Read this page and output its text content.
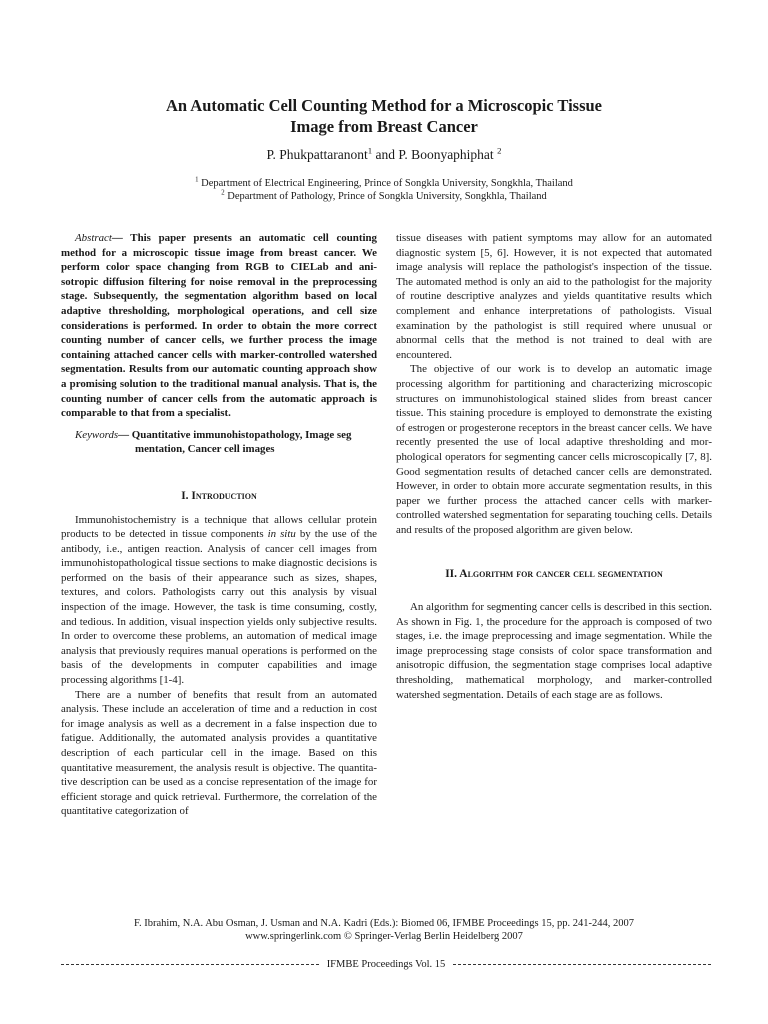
An Automatic Cell Counting Method for a Microscopic Tissue
Image from Breast Cancer
P. Phukpattaranont$^1$ and P. Boonyaphiphat $^2$
$^1$ Department of Electrical Engineering, Prince of Songkla University, Songkhla, Thailand
$^2$ Department of Pathology, Prince of Songkla University, Songkhla, Thailand

Abstract— This paper presents an automatic cell counting method for a microscopic tissue image from breast cancer. We perform color space changing from RGB to CIELab and anisotropic diffusion filtering for noise removal in the preprocessing stage. Subsequently, the segmentation algorithm based on local adaptive thresholding, morphological operations, and cell size considerations is performed. In order to obtain the more correct counting number of cancer cells, we further process the image containing attached cancer cells with marker-controlled watershed segmentation. Results from our automatic counting approach show a promising solution to the traditional manual analysis. That is, the counting number of cancer cells from the automatic approach is comparable to that from a specialist.

Keywords— Quantitative immunohistopathology, Image seg
mentation, Cancer cell images

I. Introduction

Immunohistochemistry is a technique that allows cellular protein products to be detected in tissue components in situ by the use of the antibody, i.e., antigen reaction. Analysis of cancer cell images from immunohistopathological tissue sections to make diagnostic decisions is performed on the basis of their appearance such as sizes, shapes, textures, and colors. Pathologists carry out this analysis by visual inspection of the image. However, the task is time consuming, costly, and tedious. In addition, visual inspection yields only subjective results. In order to overcome these problems, an automation of medical image analysis that previously requires manual operations is performed on the basis of the developments in computer capabilities and image processing algorithms [1-4].

There are a number of benefits that result from an automated analysis. These include an acceleration of time and a reduction in cost for image analysis as well as a decrement in a false inspection due to fatigue. Additionally, the automated analysis provides a quantitative description of each particular cell in the image. Based on this quantitative measurement, the analysis result is objective. The quantitative description can be used as a concise representation of the image for efficient storage and quick retrieval. Furthermore, the correlation of the quantitative categorization of

tissue diseases with patient symptoms may allow for an automated diagnostic system [5, 6]. However, it is not expected that automated image analysis will replace the pathologist's inspection of the tissue. The automated method is only an aid to the pathologist for the majority of routine descriptive analyzes and yields quantitative results which complement and enhance interpretations of pathologists. Visual examination by the pathologist is still required where unusual or abnormal cells that the method is not trained to deal with are encountered.

The objective of our work is to develop an automatic image processing algorithm for partitioning and characterizing microscopic structures on immunohistological stained slides from breast cancer tissue. This staining procedure is employed to demonstrate the existing of estrogen or progesterone receptors in the breast cancer cells. We have recently presented the use of local adaptive thresholding and morphological operators for segmenting cancer cells microscopically [7, 8]. Good segmentation results of detached cancer cells are demonstrated. However, in order to obtain more accurate segmentation results, in this paper we further process the attached cancer cells with marker-controlled watershed segmentation for separating touching cells. Details and results of the proposed algorithm are given below.

II. Algorithm for cancer cell segmentation

An algorithm for segmenting cancer cells is described in this section. As shown in Fig. 1, the procedure for the approach is composed of two stages, i.e. the image preprocessing and image segmentation. While the image preprocessing stage consists of color space transformation and anisotropic diffusion, the segmentation stage comprises local adaptive thresholding, mathematical morphology, and marker-controlled watershed segmentation. Details of each stage are as follows.

F. Ibrahim, N.A. Abu Osman, J. Usman and N.A. Kadri (Eds.): Biomed 06, IFMBE Proceedings 15, pp. 241-244, 2007
www.springerlink.com © Springer-Verlag Berlin Heidelberg 2007
IFMBE Proceedings Vol. 15
